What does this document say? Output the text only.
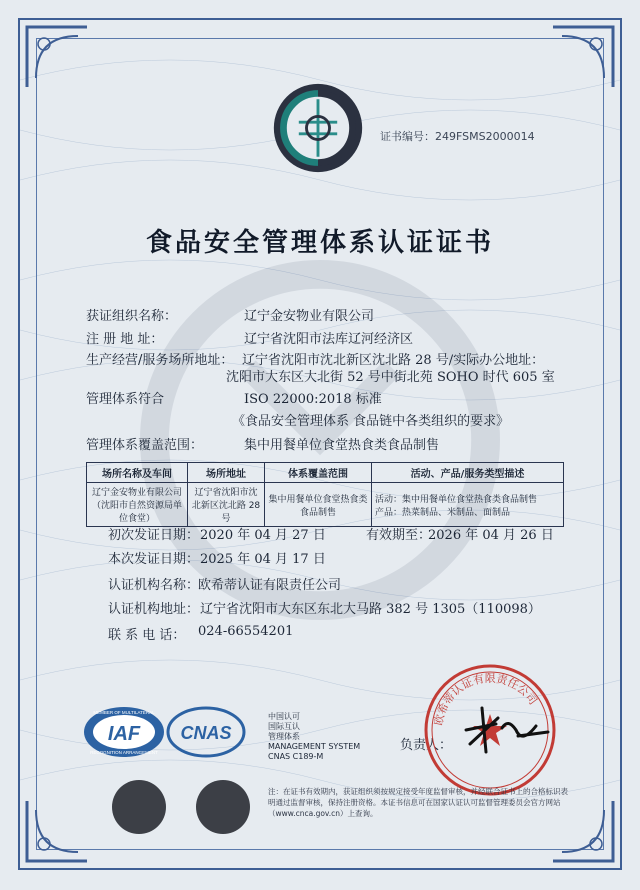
证书编号：249FSMS2000014
食品安全管理体系认证证书
获证组织名称：	辽宁金安物业有限公司
注 册 地 址：	辽宁省沈阳市法库辽河经济区
生产经营/服务场所地址： 辽宁省沈阳市沈北新区沈北路 28 号/实际办公地址：
沈阳市大东区大北街 52 号中街北苑 SOHO 时代 605 室
管理体系符合	ISO 22000:2018 标准
《食品安全管理体系 食品链中各类组织的要求》
管理体系覆盖范围：	集中用餐单位食堂热食类食品制售
场所名称及车间	场所地址	体系覆盖范围	活动、产品/服务类型描述
辽宁金安物业有限公司（沈阳市自然资源局单位食堂）	辽宁省沈阳市沈北新区沈北路 28 号	集中用餐单位食堂热食类食品制售	活动：集中用餐单位食堂热食类食品制售
产品：热菜制品、米制品、面制品
初次发证日期： 2020 年 04 月 27 日	有效期至：
2026 年 04 月 26 日
本次发证日期： 2025 年 04 月 17 日
认证机构名称：
欧希蒂认证有限责任公司
认证机构地址： 辽宁省沈阳市大东区东北大马路 382 号 1305（110098）
联 系 电 话： 024-66554201
IAF
MEMBER OF MULTILATERAL
RECOGNITION ARRANGEMENT
CNAS
中国认可
国际互认
管理体系
MANAGEMENT SYSTEM
CNAS C189-M
负责人：
欧希蒂认证有限责任公司
注：在证书有效期内，获证组织须按规定接受年度监督审核，并经联合证书上的合格标识表明通过监督审核，保持注册资格。本证书信息可在国家认证认可监督管理委员会官方网站（www.cnca.gov.cn）上查询。
